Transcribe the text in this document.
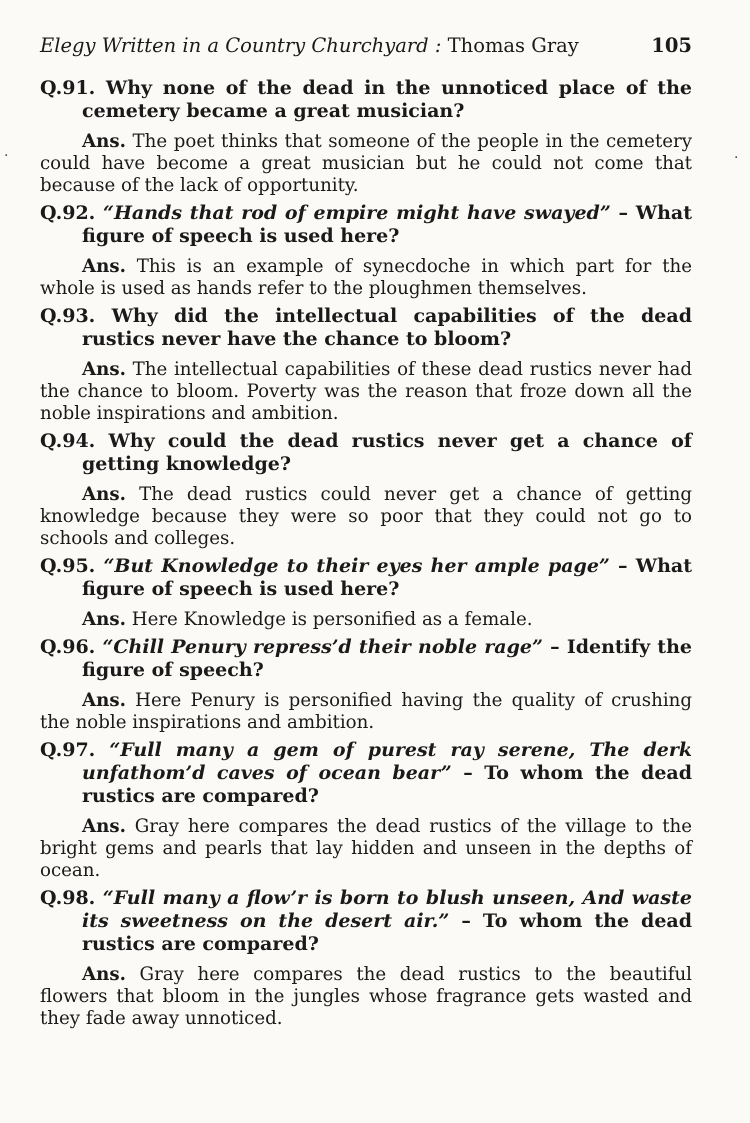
Elegy Written in a Country Churchyard : Thomas Gray	105

Q.91. Why none of the dead in the unnoticed place of the cemetery became a great musician?

Ans. The poet thinks that someone of the people in the cemetery could have become a great musician but he could not come that because of the lack of opportunity.

Q.92. “Hands that rod of empire might have swayed” – What figure of speech is used here?

Ans. This is an example of synecdoche in which part for the whole is used as hands refer to the ploughmen themselves.

Q.93. Why did the intellectual capabilities of the dead rustics never have the chance to bloom?

Ans. The intellectual capabilities of these dead rustics never had the chance to bloom. Poverty was the reason that froze down all the noble inspirations and ambition.

Q.94. Why could the dead rustics never get a chance of getting knowledge?

Ans. The dead rustics could never get a chance of getting knowledge because they were so poor that they could not go to schools and colleges.

Q.95. “But Knowledge to their eyes her ample page” – What figure of speech is used here?

Ans. Here Knowledge is personified as a female.

Q.96. “Chill Penury repress’d their noble rage” – Identify the figure of speech?

Ans. Here Penury is personified having the quality of crushing the noble inspirations and ambition.

Q.97. “Full many a gem of purest ray serene, The derk unfathom’d caves of ocean bear” – To whom the dead rustics are compared?

Ans. Gray here compares the dead rustics of the village to the bright gems and pearls that lay hidden and unseen in the depths of ocean.

Q.98. “Full many a flow’r is born to blush unseen, And waste its sweetness on the desert air.” – To whom the dead rustics are compared?

Ans. Gray here compares the dead rustics to the beautiful flowers that bloom in the jungles whose fragrance gets wasted and they fade away unnoticed.

·	·
